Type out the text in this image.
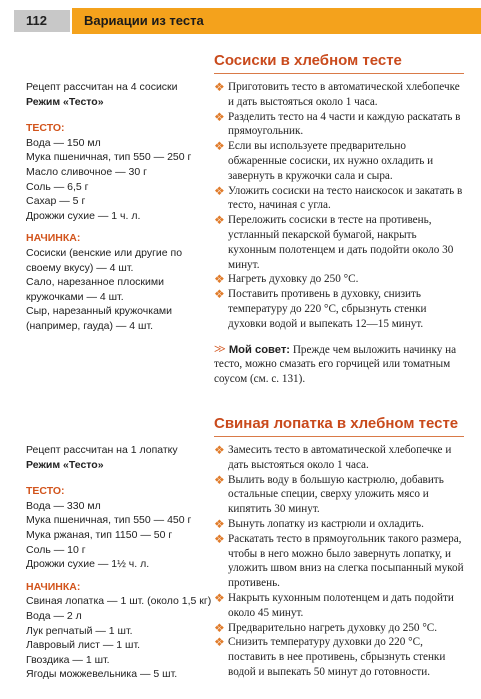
112	Вариации из теста
Сосиски в хлебном тесте
Рецепт рассчитан на 4 сосиски
Режим «Тесто»
ТЕСТО:
Вода — 150 мл
Мука пшеничная, тип 550 — 250 г
Масло сливочное — 30 г
Соль — 6,5 г
Сахар — 5 г
Дрожжи сухие — 1 ч. л.
НАЧИНКА:
Сосиски (венские или другие по своему вкусу) — 4 шт.
Сало, нарезанное плоскими кружочками — 4 шт.
Сыр, нарезанный кружочками (например, гауда) — 4 шт.
❖ Приготовить тесто в автоматической хлебопечке и дать выстояться около 1 часа.
❖ Разделить тесто на 4 части и каждую раскатать в прямоугольник.
❖ Если вы используете предварительно обжаренные сосиски, их нужно охладить и завернуть в кружочки сала и сыра.
❖ Уложить сосиски на тесто наискосок и закатать в тесто, начиная с угла.
❖ Переложить сосиски в тесте на противень, устланный пекарской бумагой, накрыть кухонным полотенцем и дать подойти около 30 минут.
❖ Нагреть духовку до 250 °С.
❖ Поставить противень в духовку, снизить температуру до 220 °С, сбрызнуть стенки духовки водой и выпекать 12—15 минут.
>> Мой совет: Прежде чем выложить начинку на тесто, можно смазать его горчицей или томатным соусом (см. с. 131).
Свиная лопатка в хлебном тесте
Рецепт рассчитан на 1 лопатку
Режим «Тесто»
ТЕСТО:
Вода — 330 мл
Мука пшеничная, тип 550 — 450 г
Мука ржаная, тип 1150 — 50 г
Соль — 10 г
Дрожжи сухие — 1½ ч. л.
НАЧИНКА:
Свиная лопатка — 1 шт. (около 1,5 кг)
Вода — 2 л
Лук репчатый — 1 шт.
Лавровый лист — 1 шт.
Гвоздика — 1 шт.
Ягоды можжевельника — 5 шт.
❖ Замесить тесто в автоматической хлебопечке и дать выстояться около 1 часа.
❖ Вылить воду в большую кастрюлю, добавить остальные специи, сверху уложить мясо и кипятить 30 минут.
❖ Вынуть лопатку из кастрюли и охладить.
❖ Раскатать тесто в прямоугольник такого размера, чтобы в него можно было завернуть лопатку, и уложить швом вниз на слегка посыпанный мукой противень.
❖ Накрыть кухонным полотенцем и дать подойти около 45 минут.
❖ Предварительно нагреть духовку до 250 °С.
❖ Снизить температуру духовки до 220 °С, поставить в нее противень, сбрызнуть стенки водой и выпекать 50 минут до готовности.
